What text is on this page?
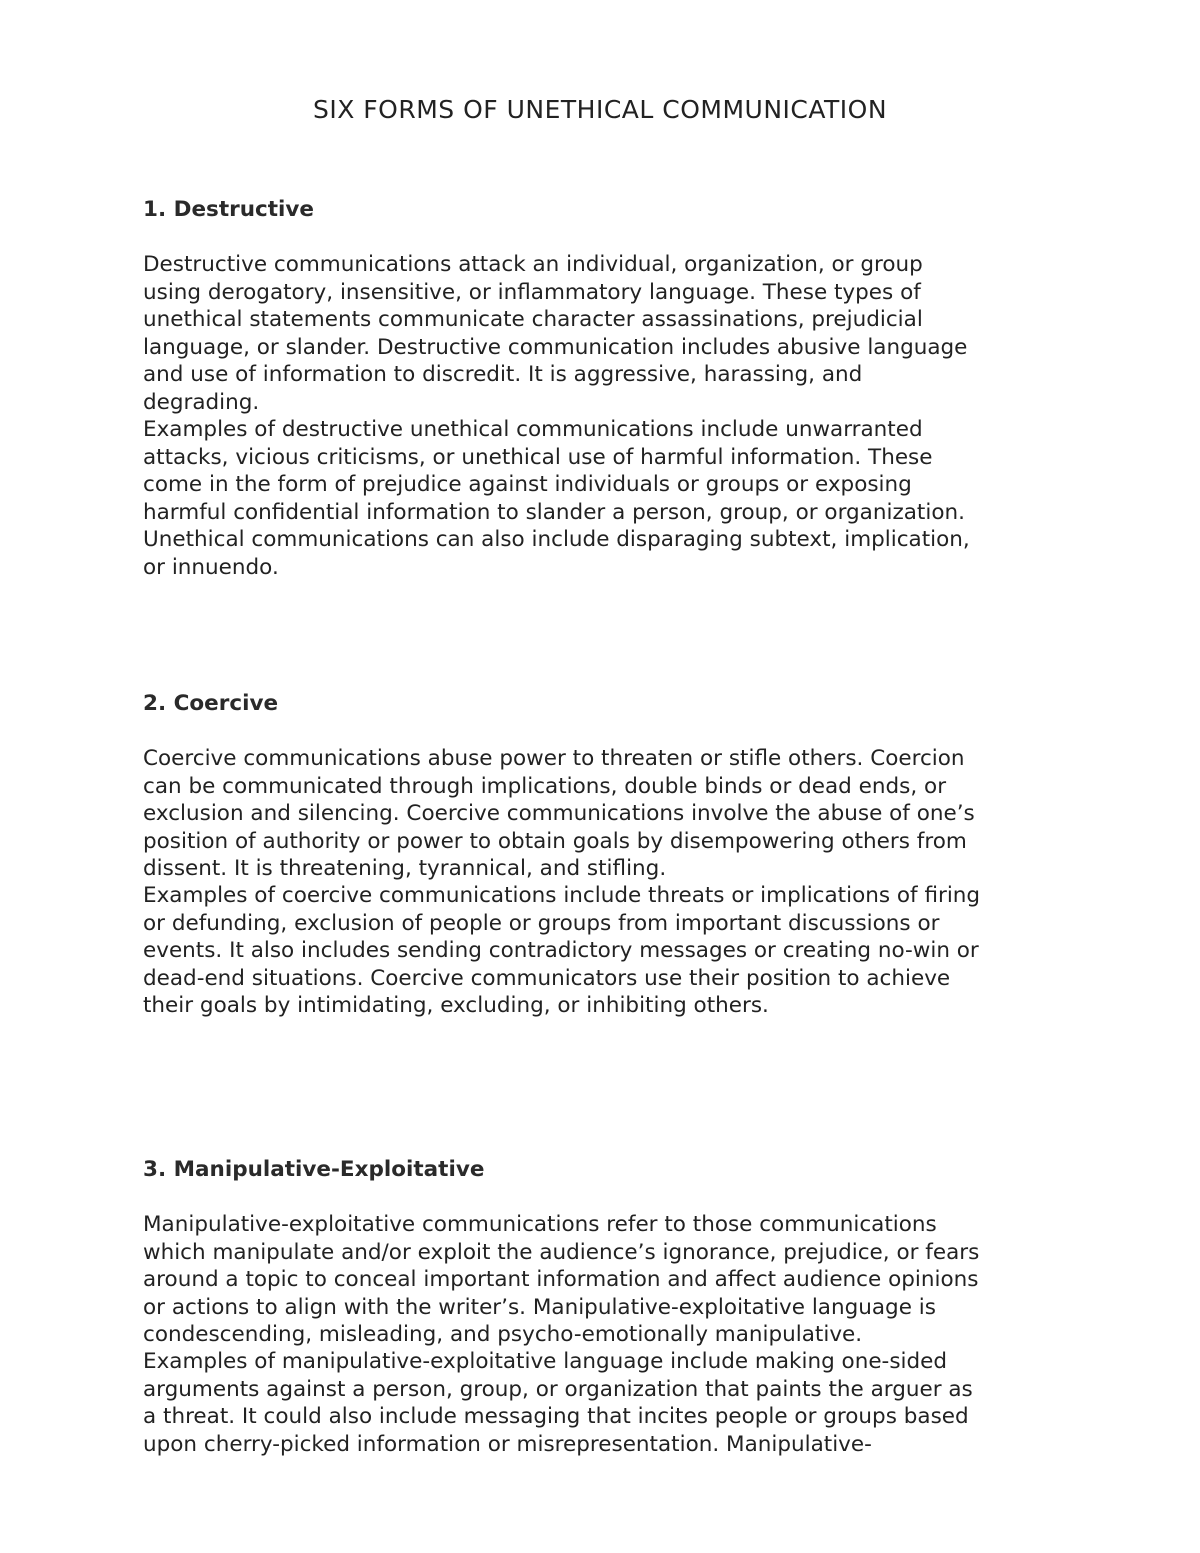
SIX FORMS OF UNETHICAL COMMUNICATION
1. Destructive

Destructive communications attack an individual, organization, or group
using derogatory, insensitive, or inflammatory language. These types of
unethical statements communicate character assassinations, prejudicial
language, or slander. Destructive communication includes abusive language
and use of information to discredit. It is aggressive, harassing, and
degrading.

Examples of destructive unethical communications include unwarranted
attacks, vicious criticisms, or unethical use of harmful information. These
come in the form of prejudice against individuals or groups or exposing
harmful confidential information to slander a person, group, or organization.
Unethical communications can also include disparaging subtext, implication,
or innuendo.

2. Coercive

Coercive communications abuse power to threaten or stifle others. Coercion
can be communicated through implications, double binds or dead ends, or
exclusion and silencing. Coercive communications involve the abuse of one’s
position of authority or power to obtain goals by disempowering others from
dissent. It is threatening, tyrannical, and stifling.

Examples of coercive communications include threats or implications of firing
or defunding, exclusion of people or groups from important discussions or
events. It also includes sending contradictory messages or creating no-win or
dead-end situations. Coercive communicators use their position to achieve
their goals by intimidating, excluding, or inhibiting others.

3. Manipulative-Exploitative

Manipulative-exploitative communications refer to those communications
which manipulate and/or exploit the audience’s ignorance, prejudice, or fears
around a topic to conceal important information and affect audience opinions
or actions to align with the writer’s. Manipulative-exploitative language is
condescending, misleading, and psycho-emotionally manipulative.

Examples of manipulative-exploitative language include making one-sided
arguments against a person, group, or organization that paints the arguer as
a threat. It could also include messaging that incites people or groups based
upon cherry-picked information or misrepresentation. Manipulative-
